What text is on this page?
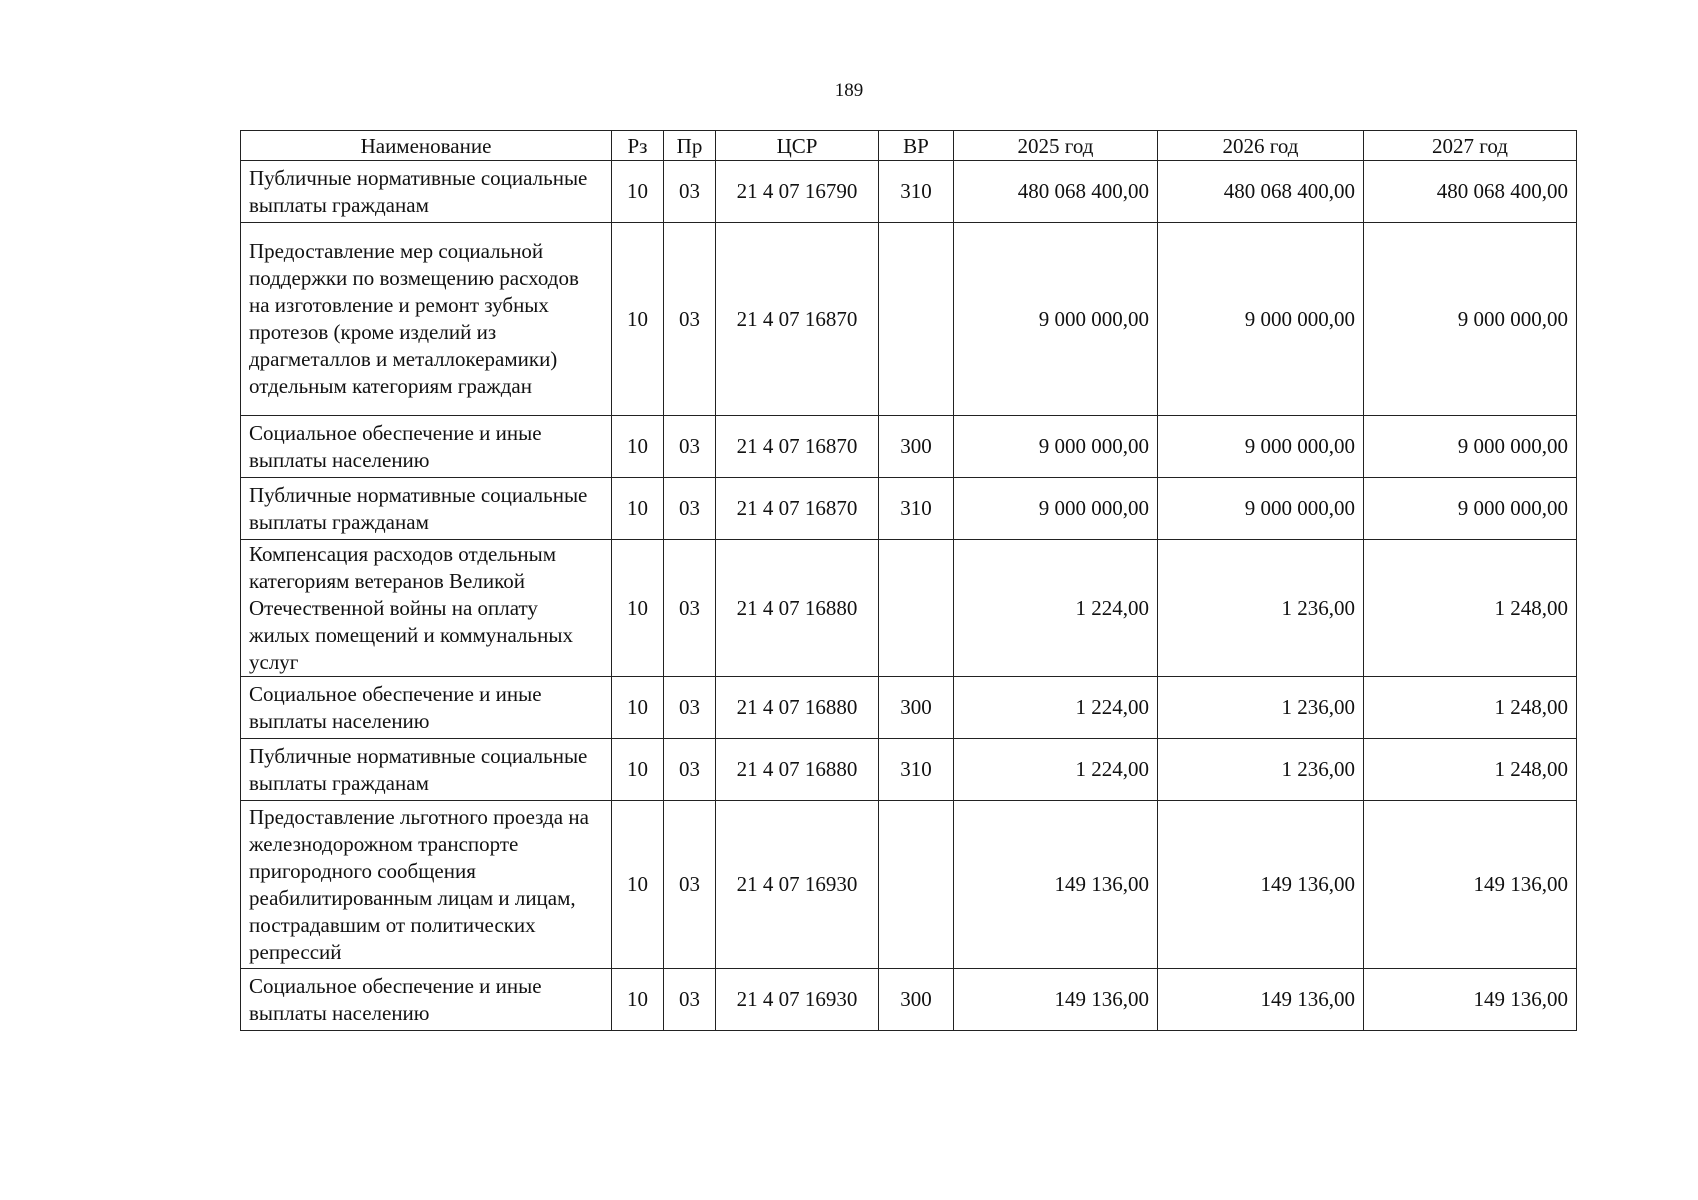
189
Наименование	Рз	Пр	ЦСР	ВР	2025 год	2026 год	2027 год
Публичные нормативные социальные выплаты гражданам	10	03	21 4 07 16790	310	480 068 400,00	480 068 400,00	480 068 400,00
Предоставление мер социальной поддержки по возмещению расходов на изготовление и ремонт зубных протезов (кроме изделий из драгметаллов и металлокерамики) отдельным категориям граждан	10	03	21 4 07 16870		9 000 000,00	9 000 000,00	9 000 000,00
Социальное обеспечение и иные выплаты населению	10	03	21 4 07 16870	300	9 000 000,00	9 000 000,00	9 000 000,00
Публичные нормативные социальные выплаты гражданам	10	03	21 4 07 16870	310	9 000 000,00	9 000 000,00	9 000 000,00
Компенсация расходов отдельным категориям ветеранов Великой Отечественной войны на оплату жилых помещений и коммунальных услуг	10	03	21 4 07 16880		1 224,00	1 236,00	1 248,00
Социальное обеспечение и иные выплаты населению	10	03	21 4 07 16880	300	1 224,00	1 236,00	1 248,00
Публичные нормативные социальные выплаты гражданам	10	03	21 4 07 16880	310	1 224,00	1 236,00	1 248,00
Предоставление льготного проезда на железнодорожном транспорте пригородного сообщения реабилитированным лицам и лицам, пострадавшим от политических репрессий	10	03	21 4 07 16930		149 136,00	149 136,00	149 136,00
Социальное обеспечение и иные выплаты населению	10	03	21 4 07 16930	300	149 136,00	149 136,00	149 136,00
